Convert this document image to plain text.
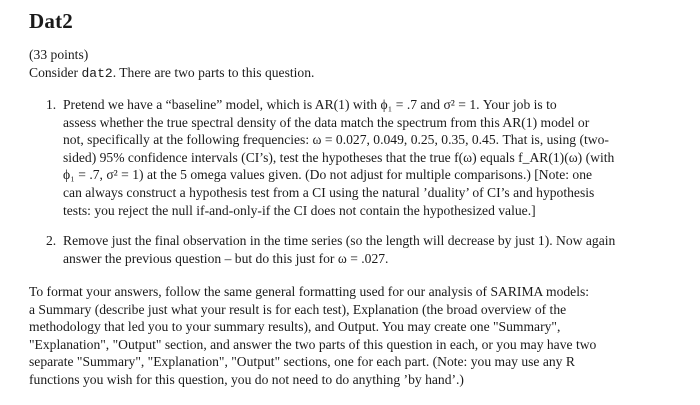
Dat2
(33 points)
Consider dat2. There are two parts to this question.
1. Pretend we have a “baseline” model, which is AR(1) with ϕ₁ = .7 and σ² = 1. Your job is to
assess whether the true spectral density of the data match the spectrum from this AR(1) model or
not, specifically at the following frequencies: ω = 0.027, 0.049, 0.25, 0.35, 0.45. That is, using (two-
sided) 95% confidence intervals (CI’s), test the hypotheses that the true f(ω) equals f_AR(1)(ω) (with
ϕ₁ = .7, σ² = 1) at the 5 omega values given. (Do not adjust for multiple comparisons.) [Note: one
can always construct a hypothesis test from a CI using the natural ’duality’ of CI’s and hypothesis
tests: you reject the null if-and-only-if the CI does not contain the hypothesized value.]
2. Remove just the final observation in the time series (so the length will decrease by just 1). Now again
answer the previous question – but do this just for ω = .027.
To format your answers, follow the same general formatting used for our analysis of SARIMA models:
a Summary (describe just what your result is for each test), Explanation (the broad overview of the
methodology that led you to your summary results), and Output. You may create one "Summary",
"Explanation", "Output" section, and answer the two parts of this question in each, or you may have two
separate "Summary", "Explanation", "Output" sections, one for each part. (Note: you may use any R
functions you wish for this question, you do not need to do anything ’by hand’.)
